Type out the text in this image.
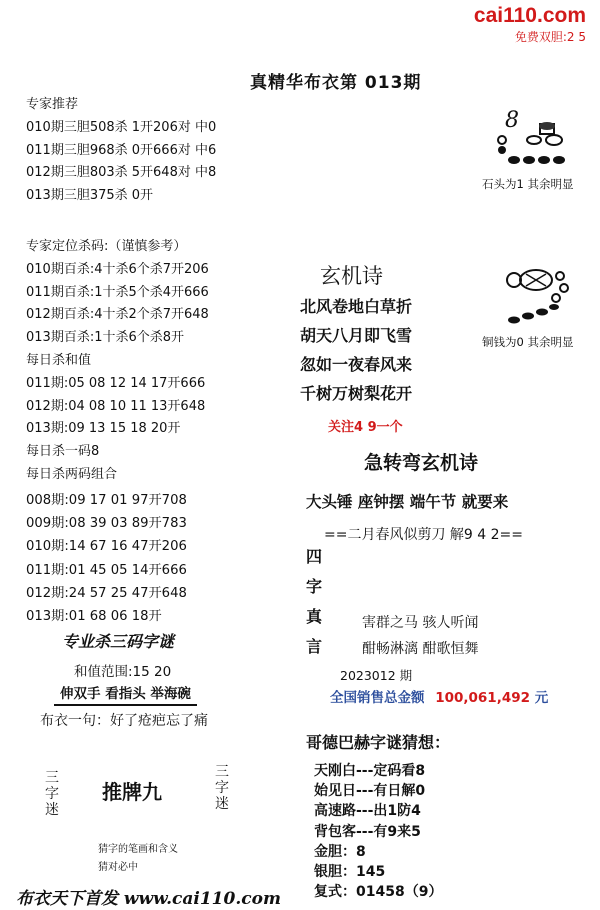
cai110.com
免费双胆:2 5
真精华布衣第 013期
专家推荐
010期三胆508杀 1开206对 中0
011期三胆968杀 0开666对 中6
012期三胆803杀 5开648对 中8
013期三胆375杀 0开
专家定位杀码:（谨慎参考）
010期百杀:4十杀6个杀7开206
011期百杀:1十杀5个杀4开666
012期百杀:4十杀2个杀7开648
013期百杀:1十杀6个杀8开
每日杀和值
011期:05 08 12 14 17开666
012期:04 08 10 11 13开648
013期:09 13 15 18 20开
每日杀一码8
每日杀两码组合
008期:09 17 01 97开708
009期:08 39 03 89开783
010期:14 67 16 47开206
011期:01 45 05 14开666
012期:24 57 25 47开648
013期:01 68 06 18开
专业杀三码字谜
和值范围:15 20
伸双手 看指头 举海碗
布衣一句：好了疮疤忘了痛
三字迷
推牌九
三字迷
猜字的笔画和含义
猜对必中
布衣天下首发 www.cai110.com
8
石头为1 其余明显
铜钱为0 其余明显
玄机诗
北风卷地白草折
胡天八月即飞雪
忽如一夜春风来
千树万树梨花开
关注4 9一个
急转弯玄机诗
大头锤 座钟摆 端午节 就要来
==二月春风似剪刀 解9 4 2==
四
字
真
言
害群之马 骇人听闻
酣畅淋漓 酣歌恒舞
2023012 期
全国销售总金额 100,061,492 元
哥德巴赫字谜猜想：
天刚白---定码看8
始见日---有日解0
高速路---出1防4
背包客---有9来5
金胆：8
银胆：145
复式：01458（9）
